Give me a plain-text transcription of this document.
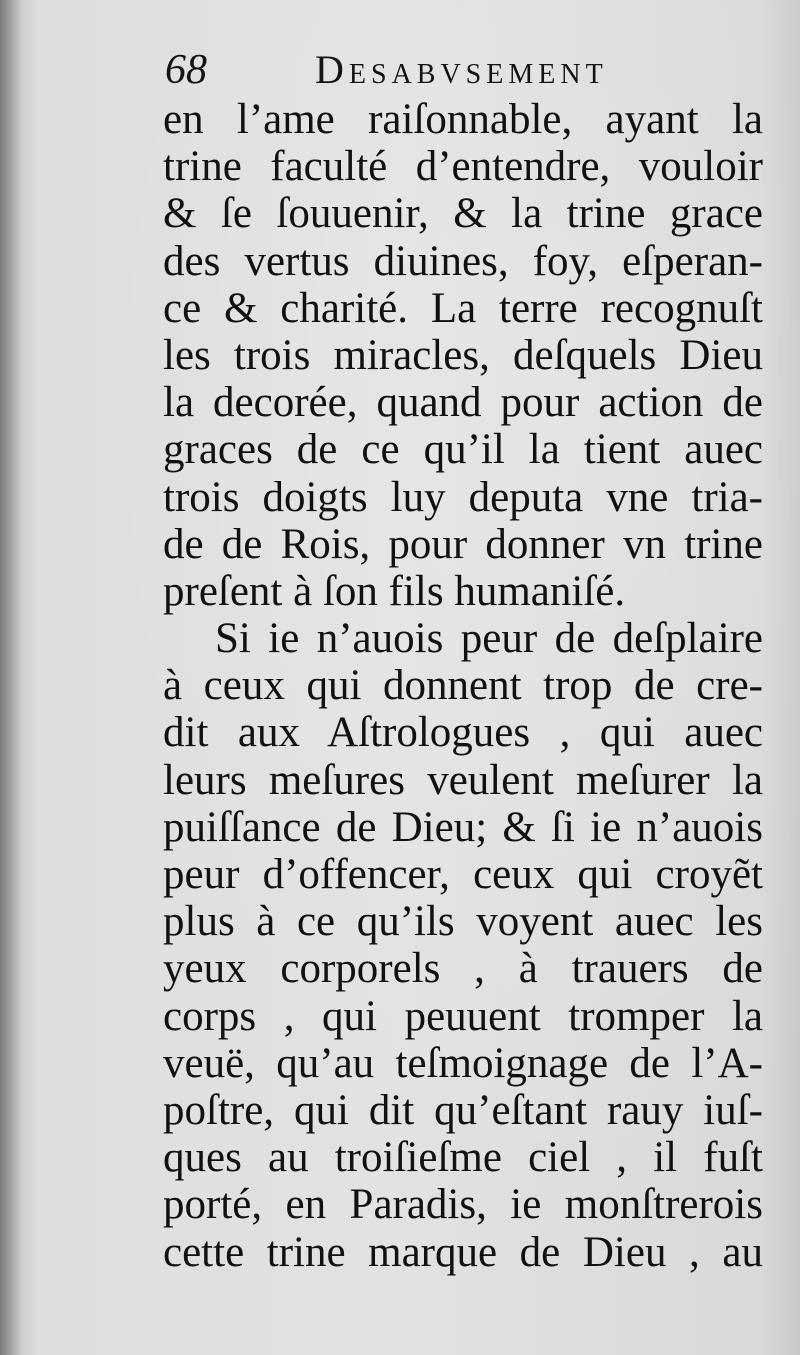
68	Desabvsement
en l’ame raiſonnable, ayant la
trine faculté d’entendre, vouloir
& ſe ſouuenir, & la trine grace
des vertus diuines, foy, eſperan-
ce & charité. La terre recognuſt
les trois miracles, deſquels Dieu
la decorée, quand pour action de
graces de ce qu’il la tient auec
trois doigts luy deputa vne tria-
de de Rois, pour donner vn trine
preſent à ſon fils humaniſé.
Si ie n’auois peur de deſplaire
à ceux qui donnent trop de cre-
dit aux Aſtrologues , qui auec
leurs meſures veulent meſurer la
puiſſance de Dieu; & ſi ie n’auois
peur d’offencer, ceux qui croyẽt
plus à ce qu’ils voyent auec les
yeux corporels , à trauers de
corps , qui peuuent tromper la
veuë, qu’au teſmoignage de l’A-
poſtre, qui dit qu’eſtant rauy iuſ-
ques au troiſieſme ciel , il fuſt
porté, en Paradis, ie monſtrerois
cette trine marque de Dieu , au
